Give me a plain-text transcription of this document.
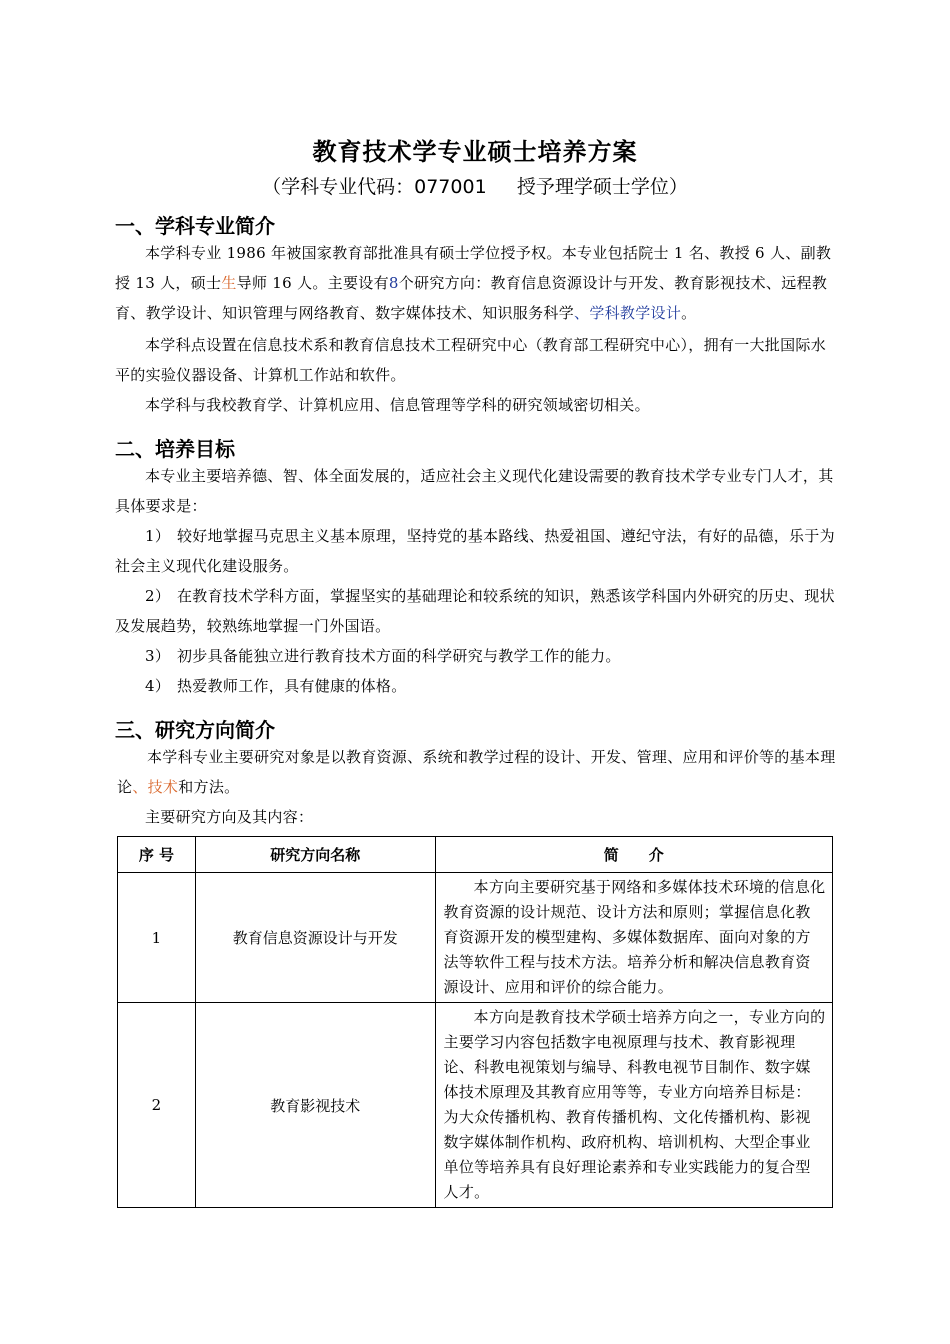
教育技术学专业硕士培养方案
（学科专业代码：077001     授予理学硕士学位）
一、学科专业简介
本学科专业 1986 年被国家教育部批准具有硕士学位授予权。本专业包括院士 1 名、教授 6 人、副教授 13 人，硕士生导师 16 人。主要设有8个研究方向：教育信息资源设计与开发、教育影视技术、远程教育、教学设计、知识管理与网络教育、数字媒体技术、知识服务科学、学科教学设计。
本学科点设置在信息技术系和教育信息技术工程研究中心（教育部工程研究中心），拥有一大批国际水平的实验仪器设备、计算机工作站和软件。
本学科与我校教育学、计算机应用、信息管理等学科的研究领域密切相关。
二、培养目标
本专业主要培养德、智、体全面发展的，适应社会主义现代化建设需要的教育技术学专业专门人才，其具体要求是：
1） 较好地掌握马克思主义基本原理，坚持党的基本路线、热爱祖国、遵纪守法，有好的品德，乐于为社会主义现代化建设服务。
2） 在教育技术学科方面，掌握坚实的基础理论和较系统的知识，熟悉该学科国内外研究的历史、现状及发展趋势，较熟练地掌握一门外国语。
3） 初步具备能独立进行教育技术方面的科学研究与教学工作的能力。
4） 热爱教师工作，具有健康的体格。
三、研究方向简介
本学科专业主要研究对象是以教育资源、系统和教学过程的设计、开发、管理、应用和评价等的基本理论、技术和方法。
主要研究方向及其内容：
序 号	研究方向名称	简　　介
1	教育信息资源设计与开发	本方向主要研究基于网络和多媒体技术环境的信息化教育资源的设计规范、设计方法和原则；掌握信息化教育资源开发的模型建构、多媒体数据库、面向对象的方法等软件工程与技术方法。培养分析和解决信息教育资源设计、应用和评价的综合能力。
2	教育影视技术	本方向是教育技术学硕士培养方向之一，专业方向的主要学习内容包括数字电视原理与技术、教育影视理论、科教电视策划与编导、科教电视节目制作、数字媒体技术原理及其教育应用等等，专业方向培养目标是：为大众传播机构、教育传播机构、文化传播机构、影视数字媒体制作机构、政府机构、培训机构、大型企事业单位等培养具有良好理论素养和专业实践能力的复合型人才。
